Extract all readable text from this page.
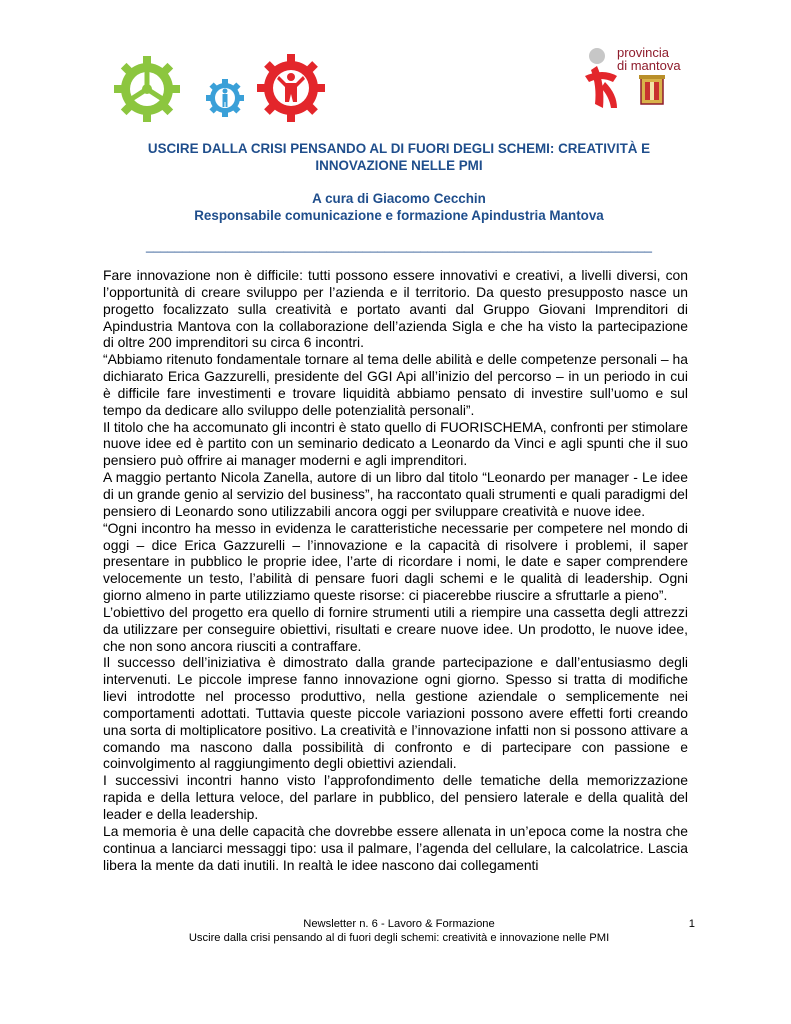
provincia
di mantova
USCIRE DALLA CRISI PENSANDO AL DI FUORI DEGLI SCHEMI: CREATIVITÀ E INNOVAZIONE NELLE PMI
A cura di Giacomo Cecchin
Responsabile comunicazione e formazione Apindustria Mantova
______________________________________________________________________

Fare innovazione non è difficile: tutti possono essere innovativi e creativi, a livelli diversi, con l’opportunità di creare sviluppo per l’azienda e il territorio. Da questo presupposto nasce un progetto focalizzato sulla creatività e portato avanti dal Gruppo Giovani Imprenditori di Apindustria Mantova con la collaborazione dell’azienda Sigla e che ha visto la partecipazione di oltre 200 imprenditori su circa 6 incontri.

“Abbiamo ritenuto fondamentale tornare al tema delle abilità e delle competenze personali – ha dichiarato Erica Gazzurelli, presidente del GGI Api all’inizio del percorso – in un periodo in cui è difficile fare investimenti e trovare liquidità abbiamo pensato di investire sull’uomo e sul tempo da dedicare allo sviluppo delle potenzialità personali”.

Il titolo che ha accomunato gli incontri è stato quello di FUORISCHEMA, confronti per stimolare nuove idee ed è partito con un seminario dedicato a Leonardo da Vinci e agli spunti che il suo pensiero può offrire ai manager moderni e agli imprenditori.

A maggio pertanto Nicola Zanella, autore di un libro dal titolo “Leonardo per manager - Le idee di un grande genio al servizio del business”, ha raccontato quali strumenti e quali paradigmi del pensiero di Leonardo sono utilizzabili ancora oggi per sviluppare creatività e nuove idee.

“Ogni incontro ha messo in evidenza le caratteristiche necessarie per competere nel mondo di oggi – dice Erica Gazzurelli – l’innovazione e la capacità di risolvere i problemi, il saper presentare in pubblico le proprie idee, l’arte di ricordare i nomi, le date e saper comprendere velocemente un testo, l’abilità di pensare fuori dagli schemi e le qualità di leadership. Ogni giorno almeno in parte utilizziamo queste risorse: ci piacerebbe riuscire a sfruttarle a pieno”.

L’obiettivo del progetto era quello di fornire strumenti utili a riempire una cassetta degli attrezzi da utilizzare per conseguire obiettivi, risultati e creare nuove idee. Un prodotto, le nuove idee, che non sono ancora riusciti a contraffare.

Il successo dell’iniziativa è dimostrato dalla grande partecipazione e dall’entusiasmo degli intervenuti. Le piccole imprese fanno innovazione ogni giorno. Spesso si tratta di modifiche lievi introdotte nel processo produttivo, nella gestione aziendale o semplicemente nei comportamenti adottati. Tuttavia queste piccole variazioni possono avere effetti forti creando una sorta di moltiplicatore positivo. La creatività e l’innovazione infatti non si possono attivare a comando ma nascono dalla possibilità di confronto e di partecipare con passione e coinvolgimento al raggiungimento degli obiettivi aziendali.

I successivi incontri hanno visto l’approfondimento delle tematiche della memorizzazione rapida e della lettura veloce, del parlare in pubblico, del pensiero laterale e della qualità del leader e della leadership.

La memoria è una delle capacità che dovrebbe essere allenata in un’epoca come la nostra che continua a lanciarci messaggi tipo: usa il palmare, l’agenda del cellulare, la calcolatrice. Lascia libera la mente da dati inutili. In realtà le idee nascono dai collegamenti

Newsletter n. 6 - Lavoro & Formazione	1
Uscire dalla crisi pensando al di fuori degli schemi: creatività e innovazione nelle PMI
